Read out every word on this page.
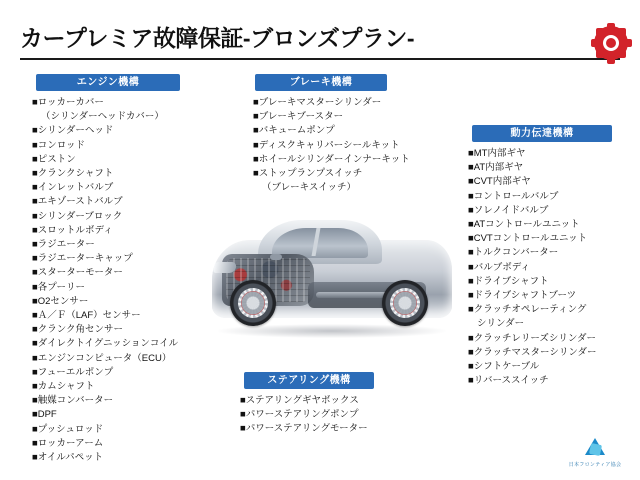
カープレミア故障保証-ブロンズプラン-
エンジン機構
■ロッカーカバー
（シリンダーヘッドカバー）
■シリンダーヘッド
■コンロッド
■ピストン
■クランクシャフト
■インレットバルブ
■エキゾーストバルブ
■シリンダーブロック
■スロットルボディ
■ラジエーター
■ラジエーターキャップ
■スターターモーター
■各プーリー
■O2センサー
■Ａ／Ｆ（LAF）センサー
■クランク角センサー
■ダイレクトイグニッションコイル
■エンジンコンピュータ（ECU）
■フューエルポンプ
■カムシャフト
■触媒コンバーター
■DPF
■プッシュロッド
■ロッカーアーム
■オイルパペット
ブレーキ機構
■ブレーキマスターシリンダー
■ブレーキブースター
■バキュームポンプ
■ディスクキャリパーシールキット
■ホイールシリンダーインナーキット
■ストップランプスイッチ
（ブレーキスイッチ）
動力伝達機構
■MT内部ギヤ
■AT内部ギヤ
■CVT内部ギヤ
■コントロールバルブ
■ソレノイドバルブ
■ATコントロールユニット
■CVTコントロールユニット
■トルクコンバーター
■バルブボディ
■ドライブシャフト
■ドライブシャフトブーツ
■クラッチオペレーティング
シリンダー
■クラッチレリーズシリンダー
■クラッチマスターシリンダー
■シフトケーブル
■リバーススイッチ
ステアリング機構
■ステアリングギヤボックス
■パワーステアリングポンプ
■パワーステアリングモーター
日本フロンティア協会
